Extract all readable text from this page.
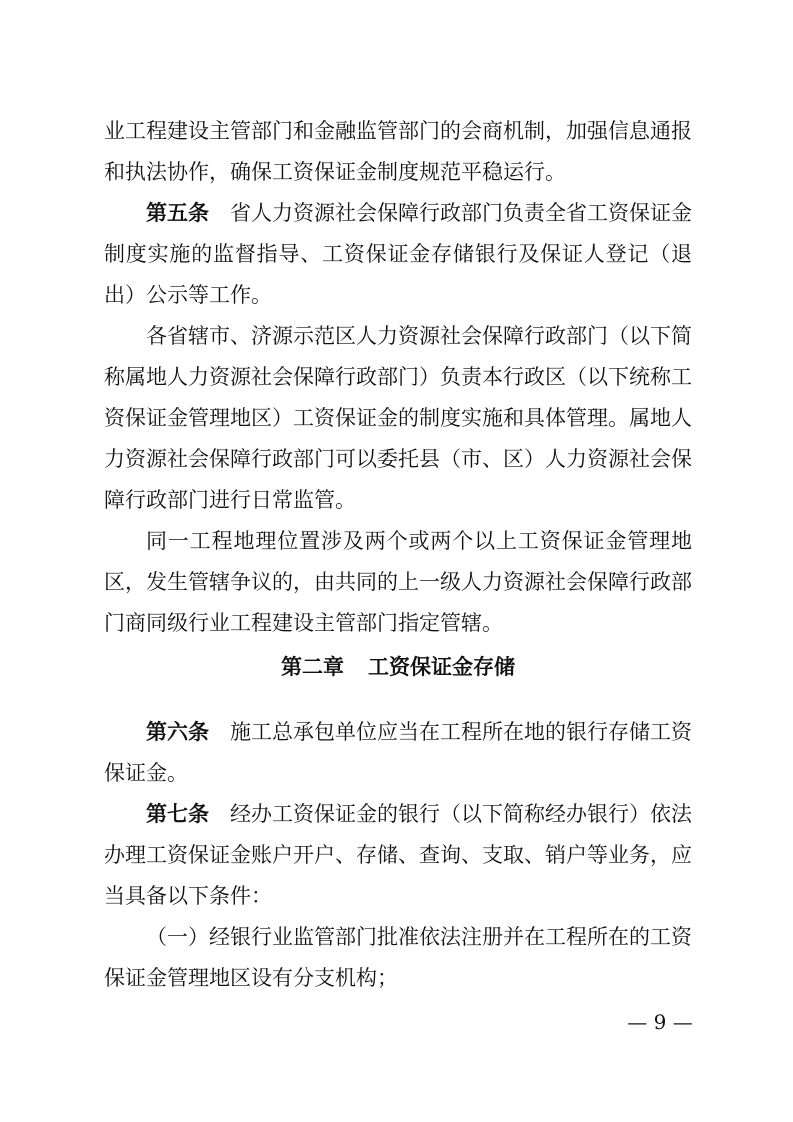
业工程建设主管部门和金融监管部门的会商机制，加强信息通报
和执法协作，确保工资保证金制度规范平稳运行。
第五条 省人力资源社会保障行政部门负责全省工资保证金
制度实施的监督指导、工资保证金存储银行及保证人登记（退
出）公示等工作。
各省辖市、济源示范区人力资源社会保障行政部门（以下简
称属地人力资源社会保障行政部门）负责本行政区（以下统称工
资保证金管理地区）工资保证金的制度实施和具体管理。属地人
力资源社会保障行政部门可以委托县（市、区）人力资源社会保
障行政部门进行日常监管。
同一工程地理位置涉及两个或两个以上工资保证金管理地
区，发生管辖争议的，由共同的上一级人力资源社会保障行政部
门商同级行业工程建设主管部门指定管辖。
第二章 工资保证金存储
第六条 施工总承包单位应当在工程所在地的银行存储工资
保证金。
第七条 经办工资保证金的银行（以下简称经办银行）依法
办理工资保证金账户开户、存储、查询、支取、销户等业务，应
当具备以下条件：
（一）经银行业监管部门批准依法注册并在工程所在的工资
保证金管理地区设有分支机构；
— 9 —
